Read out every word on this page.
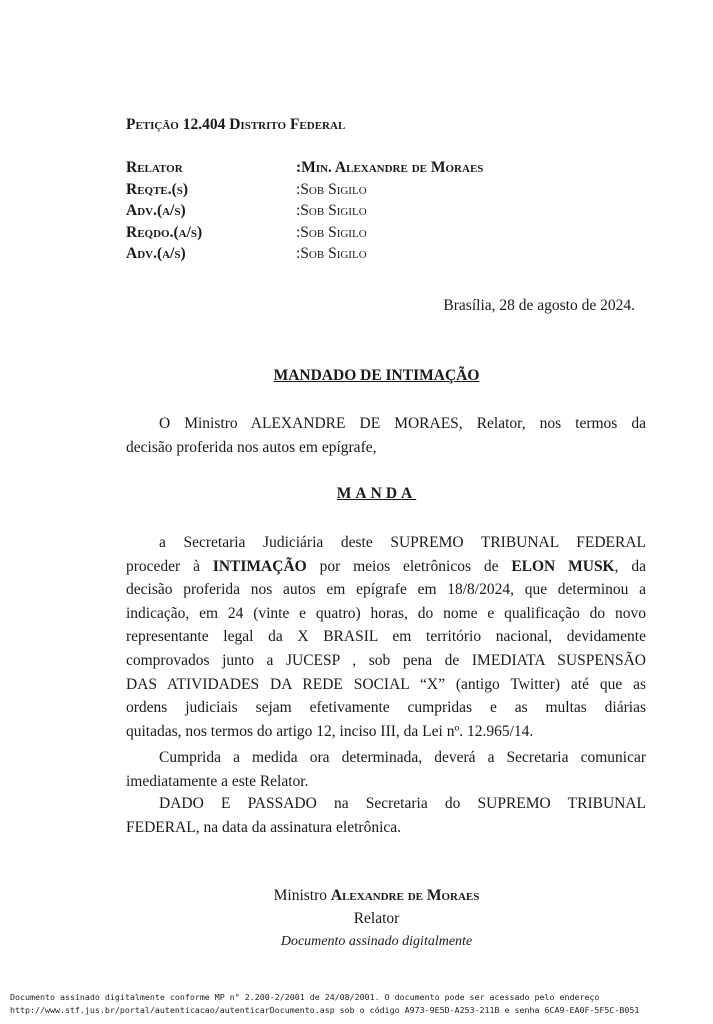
Petição 12.404 Distrito Federal
Relator	:Min. Alexandre de Moraes
Reqte.(s)	:Sob Sigilo
Adv.(a/s)	:Sob Sigilo
Reqdo.(a/s)	:Sob Sigilo
Adv.(a/s)	:Sob Sigilo
Brasília, 28 de agosto de 2024.
MANDADO DE INTIMAÇÃO
O Ministro ALEXANDRE DE MORAES, Relator, nos termos da
decisão proferida nos autos em epígrafe,
MANDA
a Secretaria Judiciária deste SUPREMO TRIBUNAL FEDERAL
proceder à INTIMAÇÃO por meios eletrônicos de ELON MUSK, da
decisão proferida nos autos em epígrafe em 18/8/2024, que determinou a
indicação, em 24 (vinte e quatro) horas, do nome e qualificação do novo
representante legal da X BRASIL em território nacional, devidamente
comprovados junto a JUCESP , sob pena de IMEDIATA SUSPENSÃO
DAS ATIVIDADES DA REDE SOCIAL “X” (antigo Twitter) até que as
ordens judiciais sejam efetivamente cumpridas e as multas diárias
quitadas, nos termos do artigo 12, inciso III, da Lei nº. 12.965/14.
Cumprida a medida ora determinada, deverá a Secretaria comunicar
imediatamente a este Relator.
DADO E PASSADO na Secretaria do SUPREMO TRIBUNAL
FEDERAL, na data da assinatura eletrônica.
Ministro Alexandre de Moraes
Relator
Documento assinado digitalmente
Documento assinado digitalmente conforme MP n° 2.200-2/2001 de 24/08/2001. O documento pode ser acessado pelo endereço
http://www.stf.jus.br/portal/autenticacao/autenticarDocumento.asp sob o código A973-9E5D-A253-211B e senha 6CA9-EA0F-5F5C-B051
